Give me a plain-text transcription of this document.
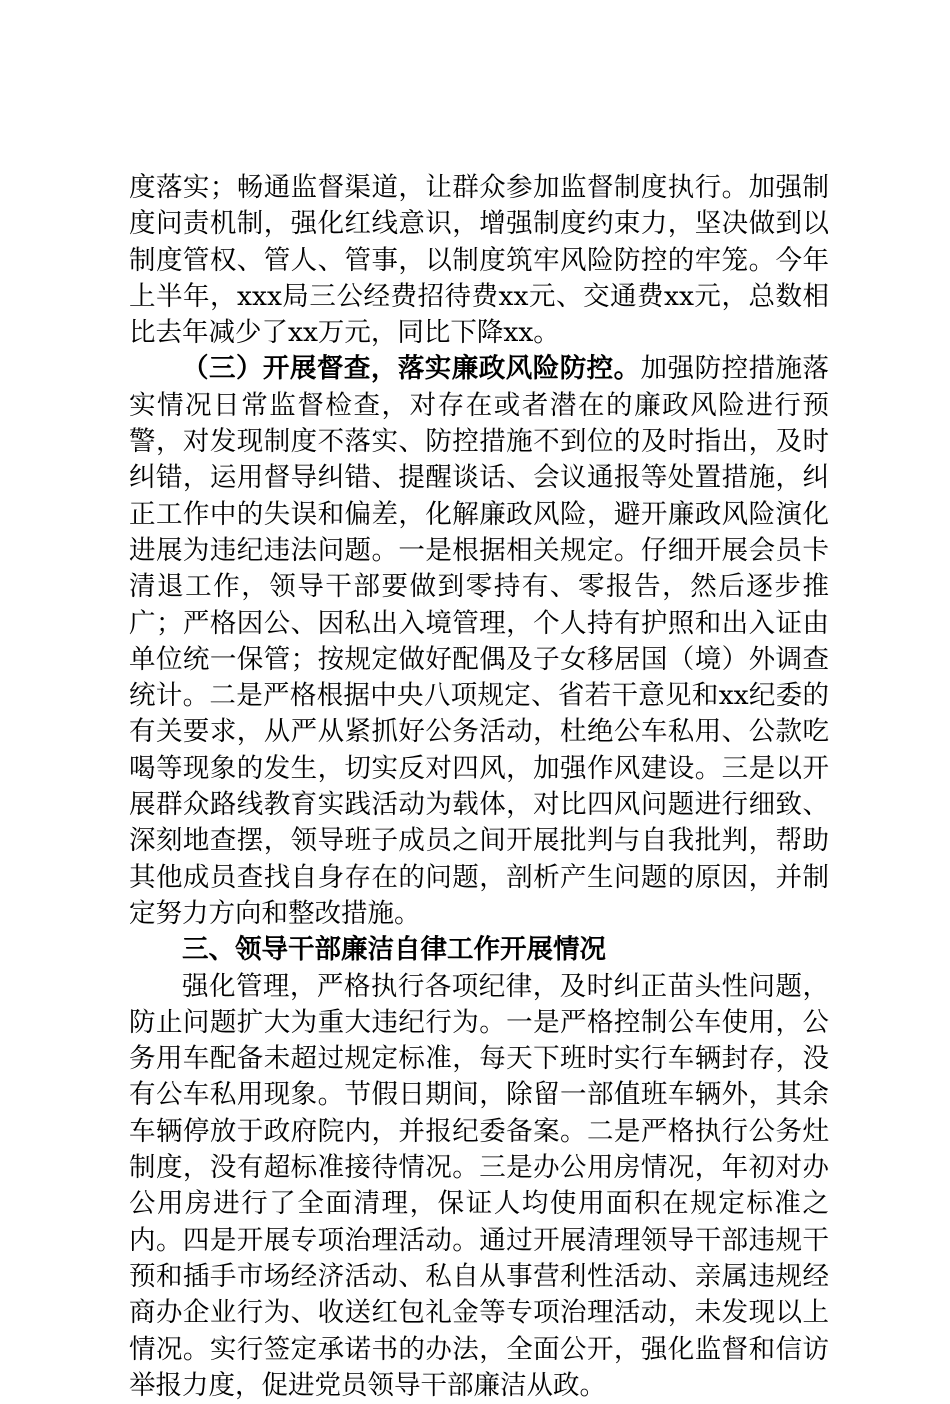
度落实；畅通监督渠道，让群众参加监督制度执行。加强制度问责机制，强化红线意识，增强制度约束力，坚决做到以制度管权、管人、管事，以制度筑牢风险防控的牢笼。今年上半年，xxx局三公经费招待费xx元、交通费xx元，总数相比去年减少了xx万元，同比下降xx。

（三）开展督查，落实廉政风险防控。加强防控措施落实情况日常监督检查，对存在或者潜在的廉政风险进行预警，对发现制度不落实、防控措施不到位的及时指出，及时纠错，运用督导纠错、提醒谈话、会议通报等处置措施，纠正工作中的失误和偏差，化解廉政风险，避开廉政风险演化进展为违纪违法问题。一是根据相关规定。仔细开展会员卡清退工作，领导干部要做到零持有、零报告，然后逐步推广；严格因公、因私出入境管理，个人持有护照和出入证由单位统一保管；按规定做好配偶及子女移居国（境）外调查统计。二是严格根据中央八项规定、省若干意见和xx纪委的有关要求，从严从紧抓好公务活动，杜绝公车私用、公款吃喝等现象的发生，切实反对四风，加强作风建设。三是以开展群众路线教育实践活动为载体，对比四风问题进行细致、深刻地查摆，领导班子成员之间开展批判与自我批判，帮助其他成员查找自身存在的问题，剖析产生问题的原因，并制定努力方向和整改措施。

三、领导干部廉洁自律工作开展情况

强化管理，严格执行各项纪律，及时纠正苗头性问题，防止问题扩大为重大违纪行为。一是严格控制公车使用，公务用车配备未超过规定标准，每天下班时实行车辆封存，没有公车私用现象。节假日期间，除留一部值班车辆外，其余车辆停放于政府院内，并报纪委备案。二是严格执行公务灶制度，没有超标准接待情况。三是办公用房情况，年初对办公用房进行了全面清理，保证人均使用面积在规定标准之内。四是开展专项治理活动。通过开展清理领导干部违规干预和插手市场经济活动、私自从事营利性活动、亲属违规经商办企业行为、收送红包礼金等专项治理活动，未发现以上情况。实行签定承诺书的办法，全面公开，强化监督和信访举报力度，促进党员领导干部廉洁从政。
